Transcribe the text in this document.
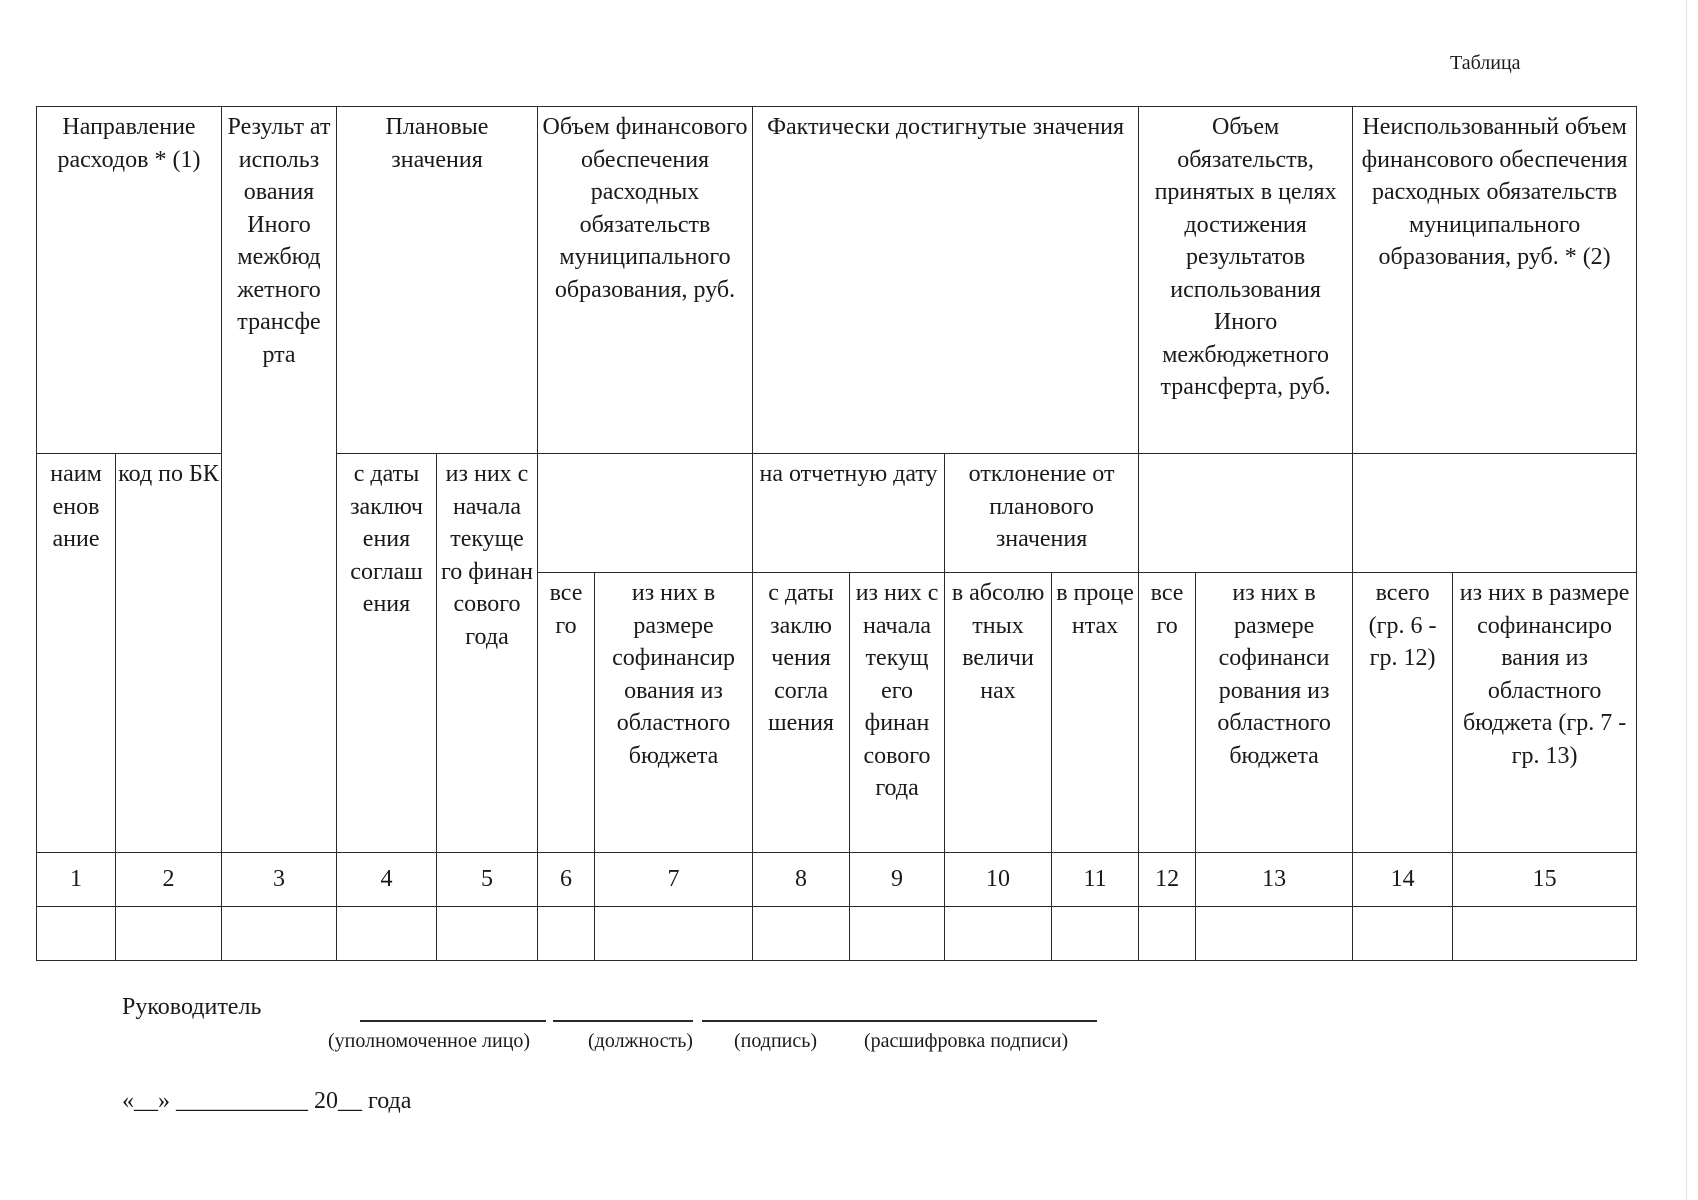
Таблица
Направление расходов * (1)		Результ ат использ ования Иного межбюд жетного трансфе рта	Плановые значения		Объем финансового обеспечения расходных обязательств муниципального образования, руб.		Фактически достигнутые значения				Объем обязательств, принятых в целях достижения результатов использования Иного межбюджетного трансферта, руб.		Неиспользованный объем финансового обеспечения расходных обязательств муниципального образования, руб. * (2)	
наим енов ание	код по БК		с даты заключ ения соглаш ения	из них с начала текуще го финан сового года			на отчетную дату		отклонение от планового значения					
					все го	из них в размере софинансир ования из областного бюджета	с даты заклю чения согла шения	из них с начала текущ его финан сового года	в абсолю тных величи нах	в проце нтах	все го	из них в размере софинанси рования из областного бюджета	всего (гр. 6 - гр. 12)	из них в размере софинансиро вания из областного бюджета (гр. 7 - гр. 13)
1	2	3	4	5	6	7	8	9	10	11	12	13	14	15

Руководитель
(уполномоченное лицо)	(должность) (подпись) (расшифровка подписи)
«__» ___________ 20__ года
